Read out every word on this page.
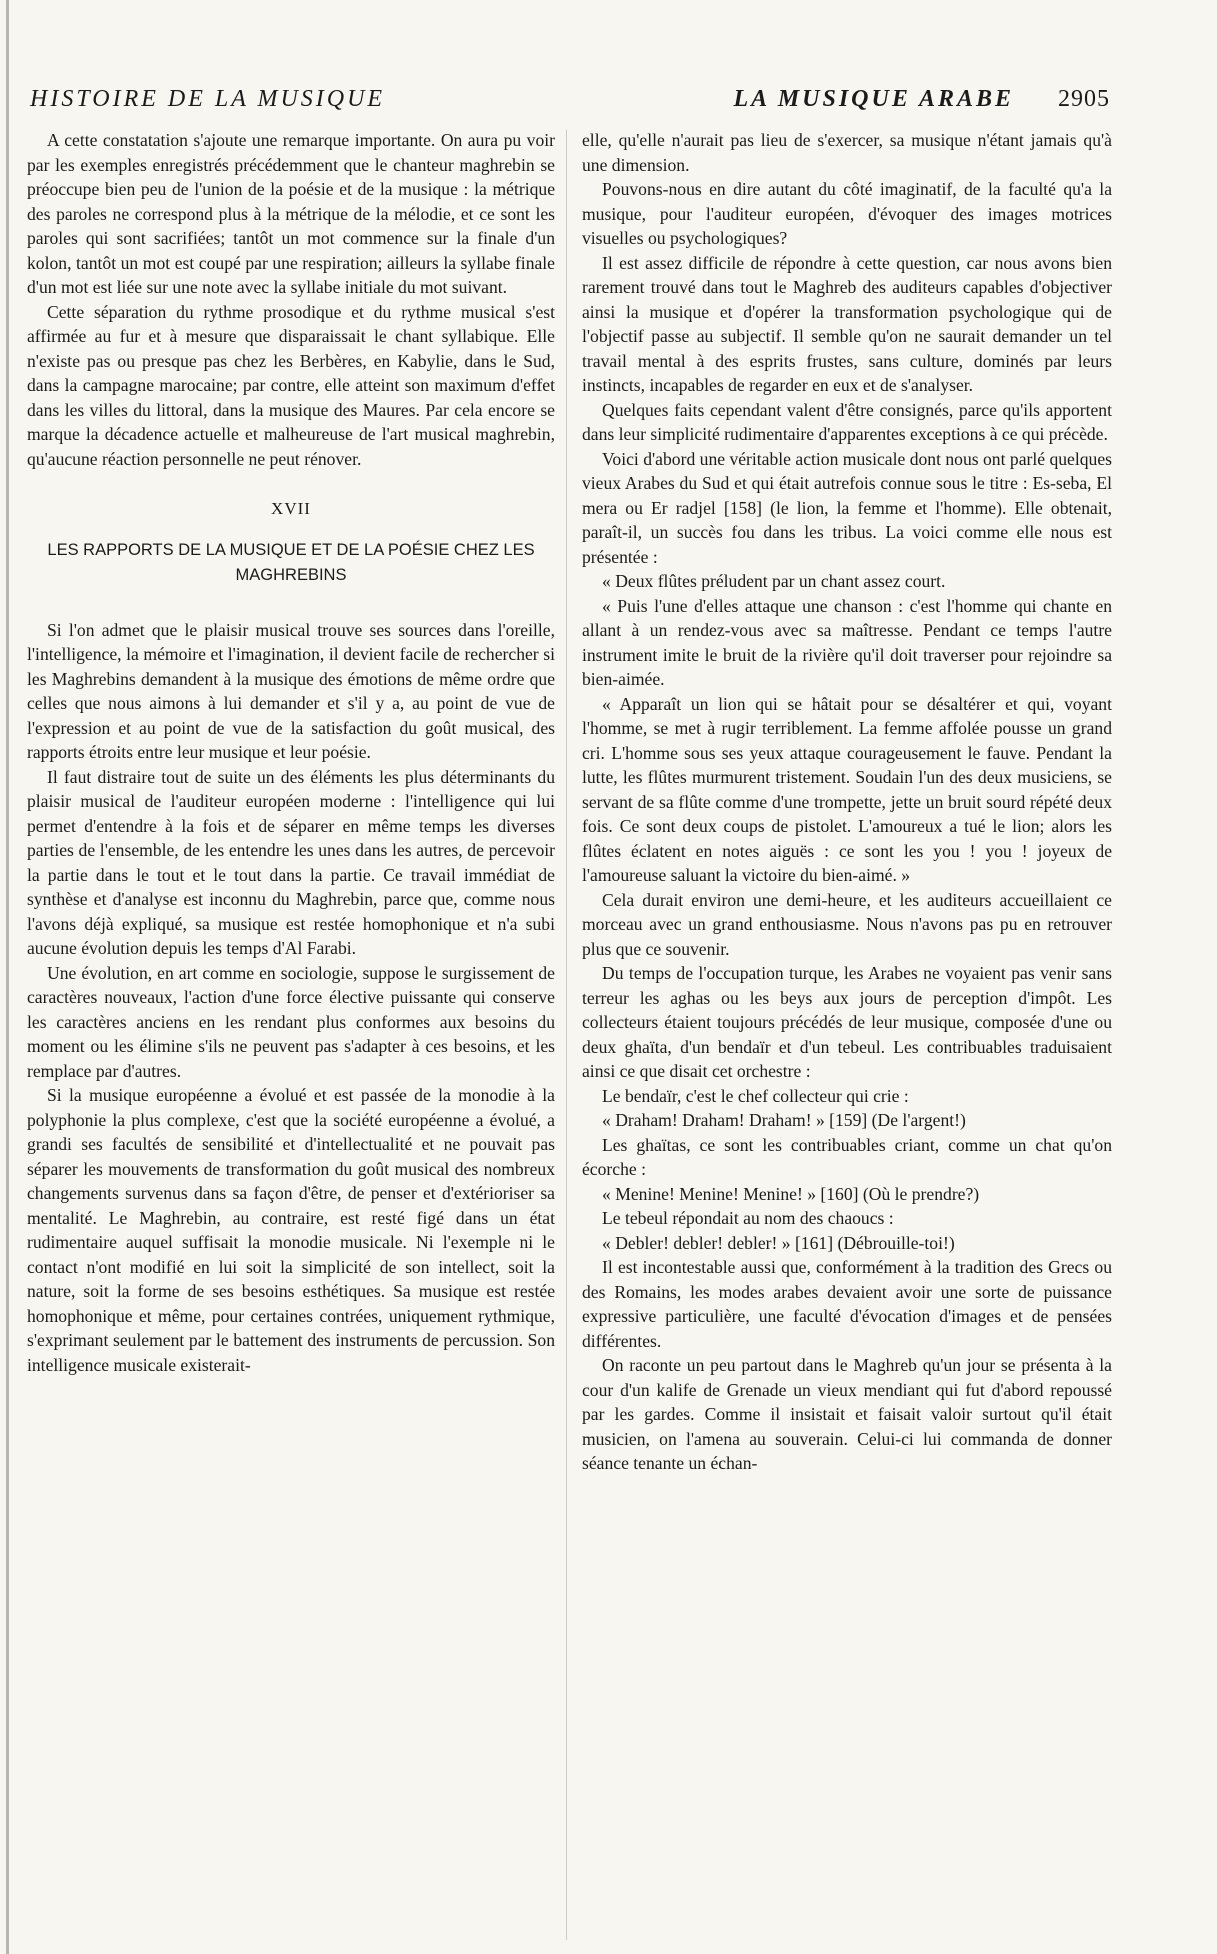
HISTOIRE DE LA MUSIQUE	LA MUSIQUE ARABE 2905

A cette constatation s'ajoute une remarque importante. On aura pu voir par les exemples enregistrés précédemment que le chanteur maghrebin se préoccupe bien peu de l'union de la poésie et de la musique : la métrique des paroles ne correspond plus à la métrique de la mélodie, et ce sont les paroles qui sont sacrifiées; tantôt un mot commence sur la finale d'un kolon, tantôt un mot est coupé par une respiration; ailleurs la syllabe finale d'un mot est liée sur une note avec la syllabe initiale du mot suivant.

Cette séparation du rythme prosodique et du rythme musical s'est affirmée au fur et à mesure que disparaissait le chant syllabique. Elle n'existe pas ou presque pas chez les Berbères, en Kabylie, dans le Sud, dans la campagne marocaine; par contre, elle atteint son maximum d'effet dans les villes du littoral, dans la musique des Maures. Par cela encore se marque la décadence actuelle et malheureuse de l'art musical maghrebin, qu'aucune réaction personnelle ne peut rénover.

XVII
LES RAPPORTS DE LA MUSIQUE ET DE LA POÉSIE CHEZ LES MAGHREBINS

Si l'on admet que le plaisir musical trouve ses sources dans l'oreille, l'intelligence, la mémoire et l'imagination, il devient facile de rechercher si les Maghrebins demandent à la musique des émotions de même ordre que celles que nous aimons à lui demander et s'il y a, au point de vue de l'expression et au point de vue de la satisfaction du goût musical, des rapports étroits entre leur musique et leur poésie.

Il faut distraire tout de suite un des éléments les plus déterminants du plaisir musical de l'auditeur européen moderne : l'intelligence qui lui permet d'entendre à la fois et de séparer en même temps les diverses parties de l'ensemble, de les entendre les unes dans les autres, de percevoir la partie dans le tout et le tout dans la partie. Ce travail immédiat de synthèse et d'analyse est inconnu du Maghrebin, parce que, comme nous l'avons déjà expliqué, sa musique est restée homophonique et n'a subi aucune évolution depuis les temps d'Al Farabi.

Une évolution, en art comme en sociologie, suppose le surgissement de caractères nouveaux, l'action d'une force élective puissante qui conserve les caractères anciens en les rendant plus conformes aux besoins du moment ou les élimine s'ils ne peuvent pas s'adapter à ces besoins, et les remplace par d'autres.

Si la musique européenne a évolué et est passée de la monodie à la polyphonie la plus complexe, c'est que la société européenne a évolué, a grandi ses facultés de sensibilité et d'intellectualité et ne pouvait pas séparer les mouvements de transformation du goût musical des nombreux changements survenus dans sa façon d'être, de penser et d'extérioriser sa mentalité. Le Maghrebin, au contraire, est resté figé dans un état rudimentaire auquel suffisait la monodie musicale. Ni l'exemple ni le contact n'ont modifié en lui soit la simplicité de son intellect, soit la nature, soit la forme de ses besoins esthétiques. Sa musique est restée homophonique et même, pour certaines contrées, uniquement rythmique, s'exprimant seulement par le battement des instruments de percussion. Son intelligence musicale existerait-

elle, qu'elle n'aurait pas lieu de s'exercer, sa musique n'étant jamais qu'à une dimension.

Pouvons-nous en dire autant du côté imaginatif, de la faculté qu'a la musique, pour l'auditeur européen, d'évoquer des images motrices visuelles ou psychologiques?

Il est assez difficile de répondre à cette question, car nous avons bien rarement trouvé dans tout le Maghreb des auditeurs capables d'objectiver ainsi la musique et d'opérer la transformation psychologique qui de l'objectif passe au subjectif. Il semble qu'on ne saurait demander un tel travail mental à des esprits frustes, sans culture, dominés par leurs instincts, incapables de regarder en eux et de s'analyser.

Quelques faits cependant valent d'être consignés, parce qu'ils apportent dans leur simplicité rudimentaire d'apparentes exceptions à ce qui précède.

Voici d'abord une véritable action musicale dont nous ont parlé quelques vieux Arabes du Sud et qui était autrefois connue sous le titre : Es-seba, El mera ou Er radjel [158] (le lion, la femme et l'homme). Elle obtenait, paraît-il, un succès fou dans les tribus. La voici comme elle nous est présentée :

« Deux flûtes préludent par un chant assez court.

« Puis l'une d'elles attaque une chanson : c'est l'homme qui chante en allant à un rendez-vous avec sa maîtresse. Pendant ce temps l'autre instrument imite le bruit de la rivière qu'il doit traverser pour rejoindre sa bien-aimée.

« Apparaît un lion qui se hâtait pour se désaltérer et qui, voyant l'homme, se met à rugir terriblement. La femme affolée pousse un grand cri. L'homme sous ses yeux attaque courageusement le fauve. Pendant la lutte, les flûtes murmurent tristement. Soudain l'un des deux musiciens, se servant de sa flûte comme d'une trompette, jette un bruit sourd répété deux fois. Ce sont deux coups de pistolet. L'amoureux a tué le lion; alors les flûtes éclatent en notes aiguës : ce sont les you ! you ! joyeux de l'amoureuse saluant la victoire du bien-aimé. »

Cela durait environ une demi-heure, et les auditeurs accueillaient ce morceau avec un grand enthousiasme. Nous n'avons pas pu en retrouver plus que ce souvenir.

Du temps de l'occupation turque, les Arabes ne voyaient pas venir sans terreur les aghas ou les beys aux jours de perception d'impôt. Les collecteurs étaient toujours précédés de leur musique, composée d'une ou deux ghaïta, d'un bendaïr et d'un tebeul. Les contribuables traduisaient ainsi ce que disait cet orchestre :

Le bendaïr, c'est le chef collecteur qui crie :

« Draham! Draham! Draham! » [159] (De l'argent!)

Les ghaïtas, ce sont les contribuables criant, comme un chat qu'on écorche :

« Menine! Menine! Menine! » [160] (Où le prendre?)

Le tebeul répondait au nom des chaoucs :

« Debler! debler! debler! » [161] (Débrouille-toi!)

Il est incontestable aussi que, conformément à la tradition des Grecs ou des Romains, les modes arabes devaient avoir une sorte de puissance expressive particulière, une faculté d'évocation d'images et de pensées différentes.

On raconte un peu partout dans le Maghreb qu'un jour se présenta à la cour d'un kalife de Grenade un vieux mendiant qui fut d'abord repoussé par les gardes. Comme il insistait et faisait valoir surtout qu'il était musicien, on l'amena au souverain. Celui-ci lui commanda de donner séance tenante un échan-
